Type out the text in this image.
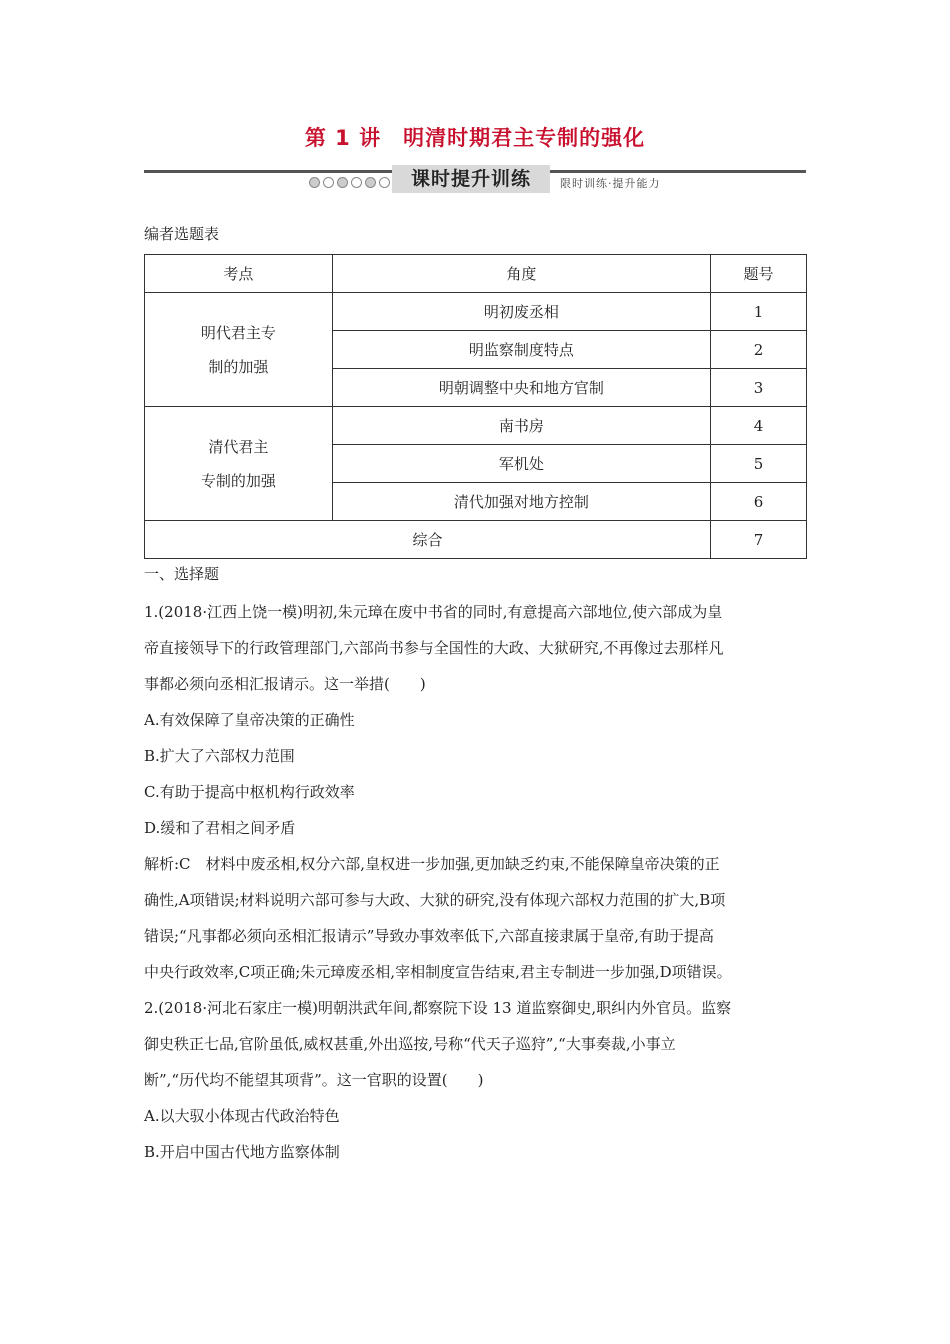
第 1 讲　明清时期君主专制的强化
课时提升训练	限时训练·提升能力
编者选题表
考点	角度	题号
明代君主专
制的加强	明初废丞相	1
	明监察制度特点	2
	明朝调整中央和地方官制	3
清代君主
专制的加强	南书房	4
	军机处	5
	清代加强对地方控制	6
综合		7
一、选择题
1.(2018·江西上饶一模)明初,朱元璋在废中书省的同时,有意提高六部地位,使六部成为皇
帝直接领导下的行政管理部门,六部尚书参与全国性的大政、大狱研究,不再像过去那样凡
事都必须向丞相汇报请示。这一举措(　　)
A.有效保障了皇帝决策的正确性
B.扩大了六部权力范围
C.有助于提高中枢机构行政效率
D.缓和了君相之间矛盾
解析:C　材料中废丞相,权分六部,皇权进一步加强,更加缺乏约束,不能保障皇帝决策的正
确性,A项错误;材料说明六部可参与大政、大狱的研究,没有体现六部权力范围的扩大,B项
错误;“凡事都必须向丞相汇报请示”导致办事效率低下,六部直接隶属于皇帝,有助于提高
中央行政效率,C项正确;朱元璋废丞相,宰相制度宣告结束,君主专制进一步加强,D项错误。
2.(2018·河北石家庄一模)明朝洪武年间,都察院下设 13 道监察御史,职纠内外官员。监察
御史秩正七品,官阶虽低,威权甚重,外出巡按,号称“代天子巡狩”,“大事奏裁,小事立
断”,“历代均不能望其项背”。这一官职的设置(　　)
A.以大驭小体现古代政治特色
B.开启中国古代地方监察体制
